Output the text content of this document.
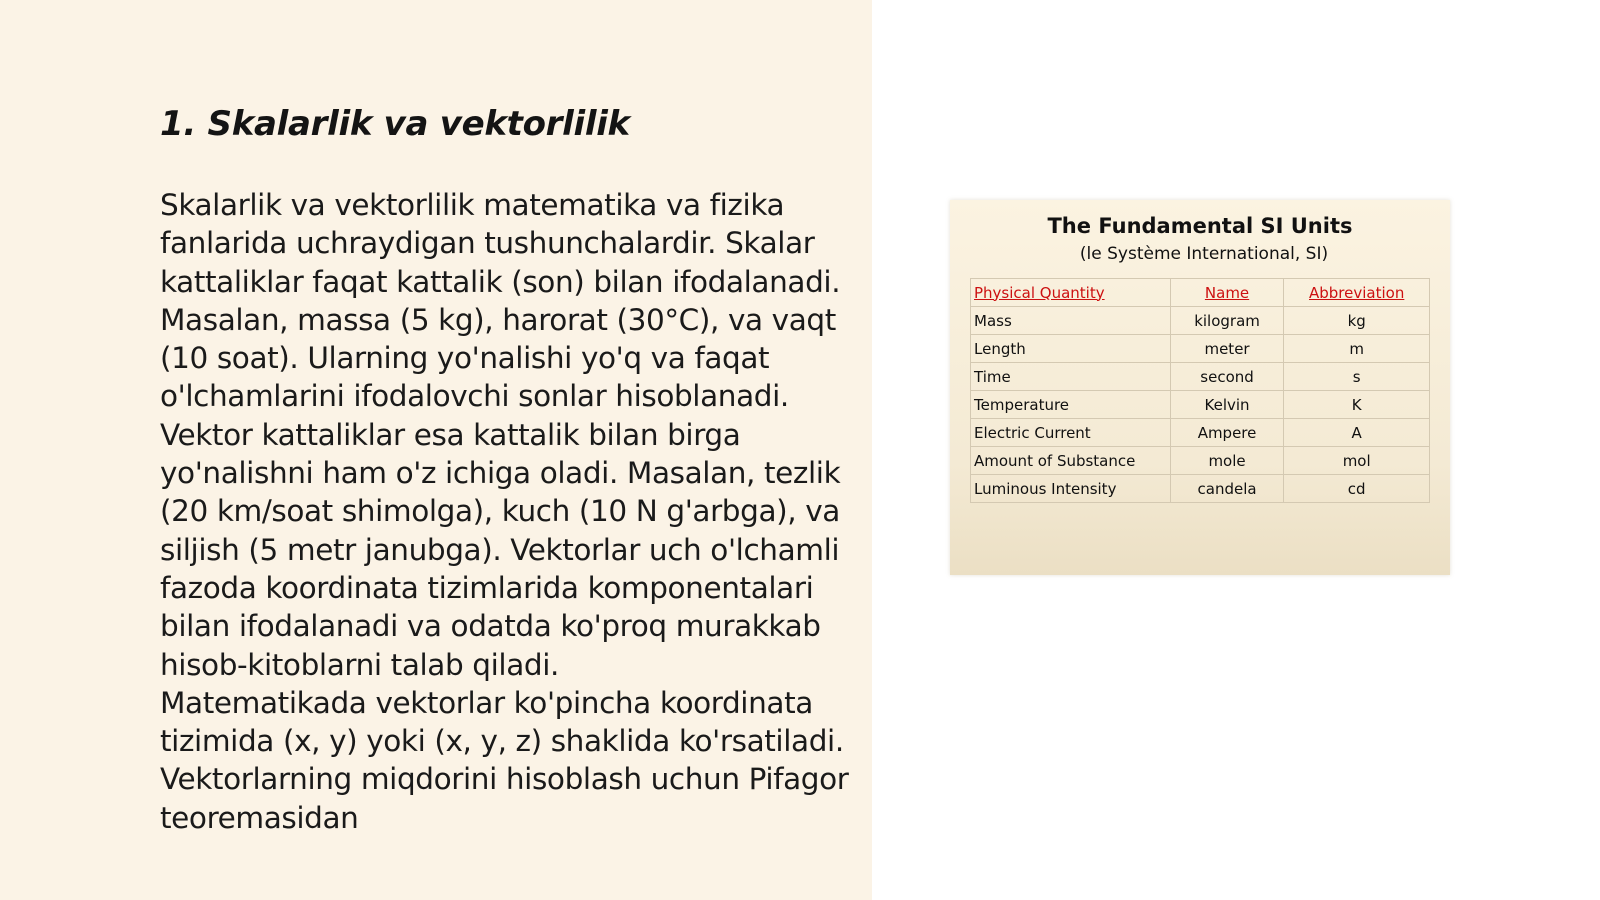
1. Skalarlik va vektorlilik

Skalarlik va vektorlilik matematika va fizika fanlarida uchraydigan tushunchalardir. Skalar kattaliklar faqat kattalik (son) bilan ifodalanadi. Masalan, massa (5 kg), harorat (30°C), va vaqt (10 soat). Ularning yo'nalishi yo'q va faqat o'lchamlarini ifodalovchi sonlar hisoblanadi.

Vektor kattaliklar esa kattalik bilan birga yo'nalishni ham o'z ichiga oladi. Masalan, tezlik (20 km/soat shimolga), kuch (10 N g'arbga), va siljish (5 metr janubga). Vektorlar uch o'lchamli fazoda koordinata tizimlarida komponentalari bilan ifodalanadi va odatda ko'proq murakkab hisob-kitoblarni talab qiladi.

Matematikada vektorlar ko'pincha koordinata tizimida (x, y) yoki (x, y, z) shaklida ko'rsatiladi. Vektorlarning miqdorini hisoblash uchun Pifagor teoremasidan

The Fundamental SI Units
(le Système International, SI)
Physical Quantity	Name	Abbreviation
Mass	kilogram	kg
Length	meter	m
Time	second	s
Temperature	Kelvin	K
Electric Current	Ampere	A
Amount of Substance	mole	mol
Luminous Intensity	candela	cd
